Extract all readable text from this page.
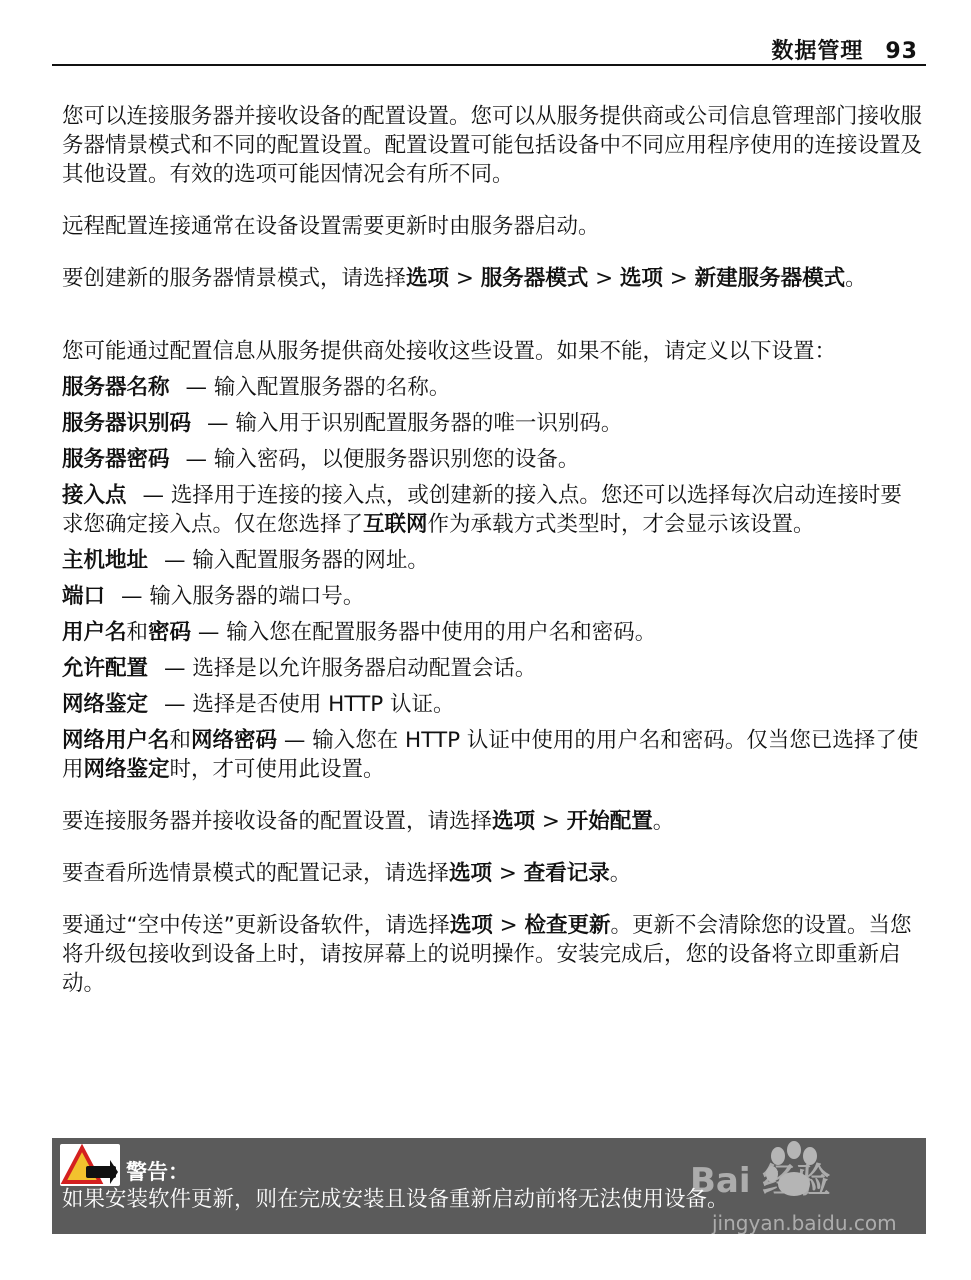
数据管理 93

您可以连接服务器并接收设备的配置设置。您可以从服务提供商或公司信息管理部门接收服务器情景模式和不同的配置设置。配置设置可能包括设备中不同应用程序使用的连接设置及其他设置。有效的选项可能因情况会有所不同。

远程配置连接通常在设备设置需要更新时由服务器启动。

要创建新的服务器情景模式，请选择选项 > 服务器模式 > 选项 > 新建服务器模式。

您可能通过配置信息从服务提供商处接收这些设置。如果不能，请定义以下设置：

服务器名称 — 输入配置服务器的名称。

服务器识别码 — 输入用于识别配置服务器的唯一识别码。

服务器密码 — 输入密码，以便服务器识别您的设备。

接入点 — 选择用于连接的接入点，或创建新的接入点。您还可以选择每次启动连接时要求您确定接入点。仅在您选择了互联网作为承载方式类型时，才会显示该设置。

主机地址 — 输入配置服务器的网址。

端口 — 输入服务器的端口号。

用户名和密码 — 输入您在配置服务器中使用的用户名和密码。

允许配置 — 选择是以允许服务器启动配置会话。

网络鉴定 — 选择是否使用 HTTP 认证。

网络用户名和网络密码 — 输入您在 HTTP 认证中使用的用户名和密码。仅当您已选择了使用网络鉴定时，才可使用此设置。

要连接服务器并接收设备的配置设置，请选择选项 > 开始配置。

要查看所选情景模式的配置记录，请选择选项 > 查看记录。

要通过“空中传送”更新设备软件，请选择选项 > 检查更新。更新不会清除您的设置。当您将升级包接收到设备上时，请按屏幕上的说明操作。安装完成后，您的设备将立即重新启动。

警告：
如果安装软件更新，则在完成安装且设备重新启动前将无法使用设备。
Bai 经验
jingyan.baidu.com
